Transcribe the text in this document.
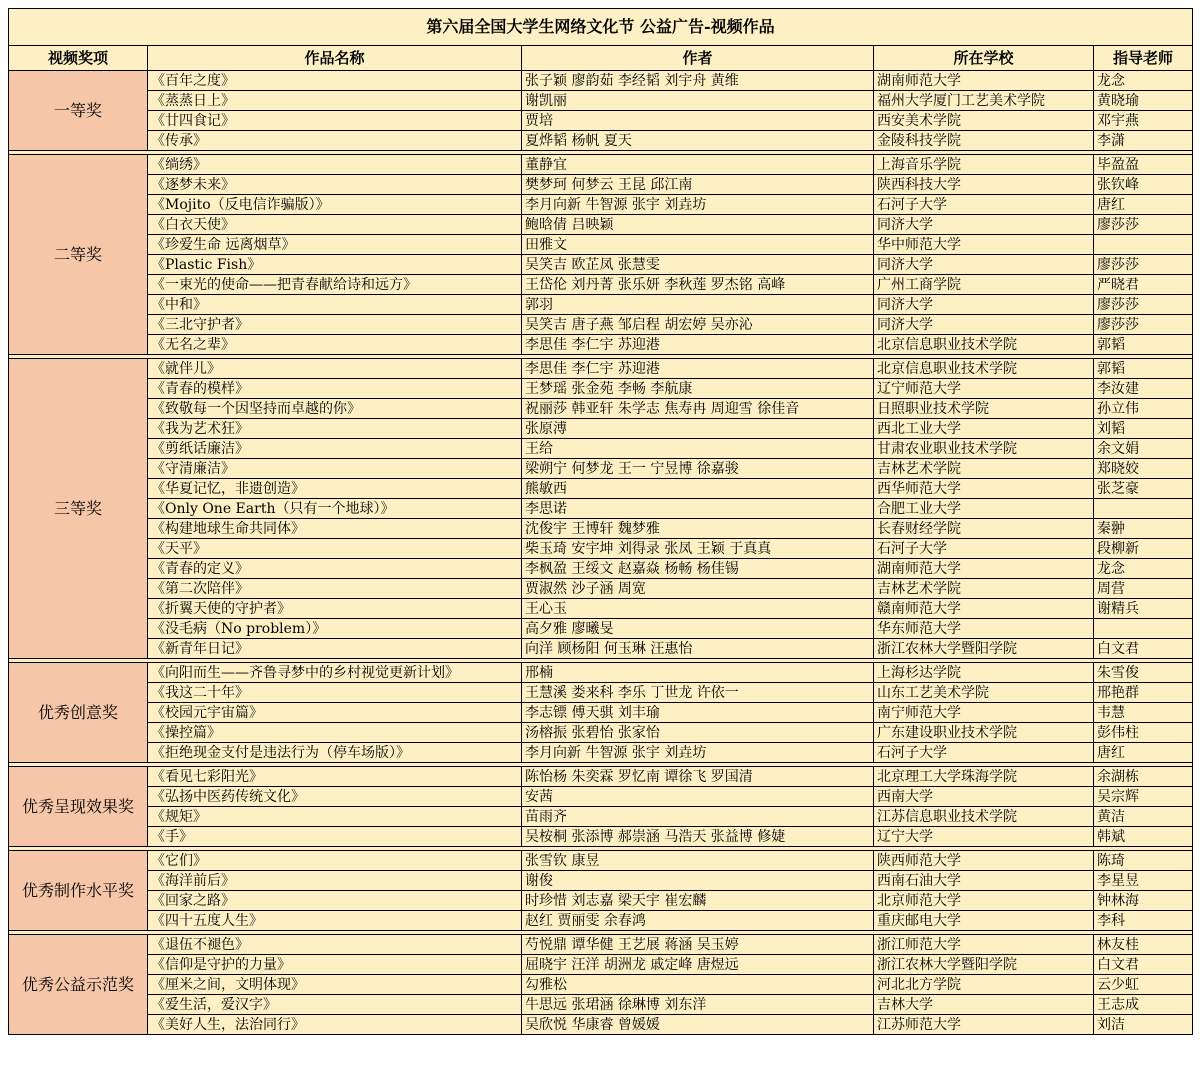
第六届全国大学生网络文化节 公益广告-视频作品				
视频奖项	作品名称	作者	所在学校	指导老师
一等奖	《百年之度》	张子颖 廖韵茹 李经韬 刘宇舟 黄维	湖南师范大学	龙念
	《蒸蒸日上》	谢凯丽	福州大学厦门工艺美术学院	黄晓瑜
	《廿四食记》	贾培	西安美术学院	邓宇燕
	《传承》	夏烨韬 杨帆 夏天	金陵科技学院	李潇

二等奖	《绱绣》	董静宜	上海音乐学院	毕盈盈
	《逐梦未来》	樊梦珂 何梦云 王昆 邱江南	陕西科技大学	张钦峰
	《Mojito（反电信诈骗版）》	李月向新 牛智源 张宇 刘垚坊	石河子大学	唐红
	《白衣天使》	鲍晗倩 吕映颖	同济大学	廖莎莎
	《珍爱生命 远离烟草》	田雅文	华中师范大学	
	《Plastic Fish》	吴笑吉 欧芷凤 张慧雯	同济大学	廖莎莎
	《一束光的使命——把青春献给诗和远方》	王岱伦 刘丹菁 张乐妍 李秋莲 罗杰铭 高峰	广州工商学院	严晓君
	《中和》	郭羽	同济大学	廖莎莎
	《三北守护者》	吴笑吉 唐子燕 邹启程 胡宏婷 吴亦沁	同济大学	廖莎莎
	《无名之辈》	李思佳 李仁宇 苏迎港	北京信息职业技术学院	郭韬

三等奖	《就伴儿》	李思佳 李仁宇 苏迎港	北京信息职业技术学院	郭韬
	《青春的模样》	王梦瑶 张金苑 李畅 李航康	辽宁师范大学	李汝建
	《致敬每一个因坚持而卓越的你》	祝丽莎 韩亚轩 朱学志 焦寿冉 周迎雪 徐佳音	日照职业技术学院	孙立伟
	《我为艺术狂》	张原溥	西北工业大学	刘韬
	《剪纸话廉洁》	王给	甘肃农业职业技术学院	余文娟
	《守清廉洁》	梁朔宁 何梦龙 王一 宁昱博 徐嘉骏	吉林艺术学院	郑晓姣
	《华夏记忆，非遗创造》	熊敏西	西华师范大学	张芝豪
	《Only One Earth（只有一个地球）》	李思诺	合肥工业大学	
	《构建地球生命共同体》	沈俊宇 王博轩 魏梦雅	长春财经学院	秦翀
	《天平》	柴玉琦 安宇坤 刘得录 张凤 王颖 于真真	石河子大学	段柳新
	《青春的定义》	李枫盈 王绥文 赵嘉焱 杨畅 杨佳锡	湖南师范大学	龙念
	《第二次陪伴》	贾淑然 沙子涵 周宽	吉林艺术学院	周营
	《折翼天使的守护者》	王心玉	赣南师范大学	谢精兵
	《没毛病（No problem）》	高夕雅 廖曦旻	华东师范大学	
	《新青年日记》	向洋 顾杨阳 何玉琳 汪惠怡	浙江农林大学暨阳学院	白文君

优秀创意奖	《向阳而生——齐鲁寻梦中的乡村视觉更新计划》	邢楠	上海杉达学院	朱雪俊
	《我这二十年》	王慧溪 娄来科 李乐 丁世龙 许依一	山东工艺美术学院	邢艳群
	《校园元宇宙篇》	李志镖 傅天骐 刘丰瑜	南宁师范大学	韦慧
	《操控篇》	汤榕振 张碧怡 张家怡	广东建设职业技术学院	彭伟柱
	《拒绝现金支付是违法行为（停车场版）》	李月向新 牛智源 张宇 刘垚坊	石河子大学	唐红

优秀呈现效果奖	《看见七彩阳光》	陈怡杨 朱奕霖 罗忆南 谭徐飞 罗国清	北京理工大学珠海学院	余湖栋
	《弘扬中医药传统文化》	安茜	西南大学	吴宗辉
	《规矩》	苗雨齐	江苏信息职业技术学院	黄洁
	《手》	吴桉桐 张添博 郝崇涵 马浩天 张益博 修婕	辽宁大学	韩斌

优秀制作水平奖	《它们》	张雪钦 康昱	陕西师范大学	陈琦
	《海洋前后》	谢俊	西南石油大学	李星昱
	《回家之路》	时珍惜 刘志嘉 梁天宇 崔宏麟	北京师范大学	钟林海
	《四十五度人生》	赵红 贾丽雯 余春鸿	重庆邮电大学	李科

优秀公益示范奖	《退伍不褪色》	芍悦鼎 谭华健 王艺展 蒋涵 吴玉婷	浙江师范大学	林友桂
	《信仰是守护的力量》	屈晓宇 汪洋 胡洲龙 戚定峰 唐煜远	浙江农林大学暨阳学院	白文君
	《厘米之间，文明体现》	勾雅松	河北北方学院	云少虹
	《爱生活，爱汉字》	牛思远 张珺涵 徐琳博 刘东洋	吉林大学	王志成
	《美好人生，法治同行》	吴欣悦 华康睿 曾媛媛	江苏师范大学	刘洁
